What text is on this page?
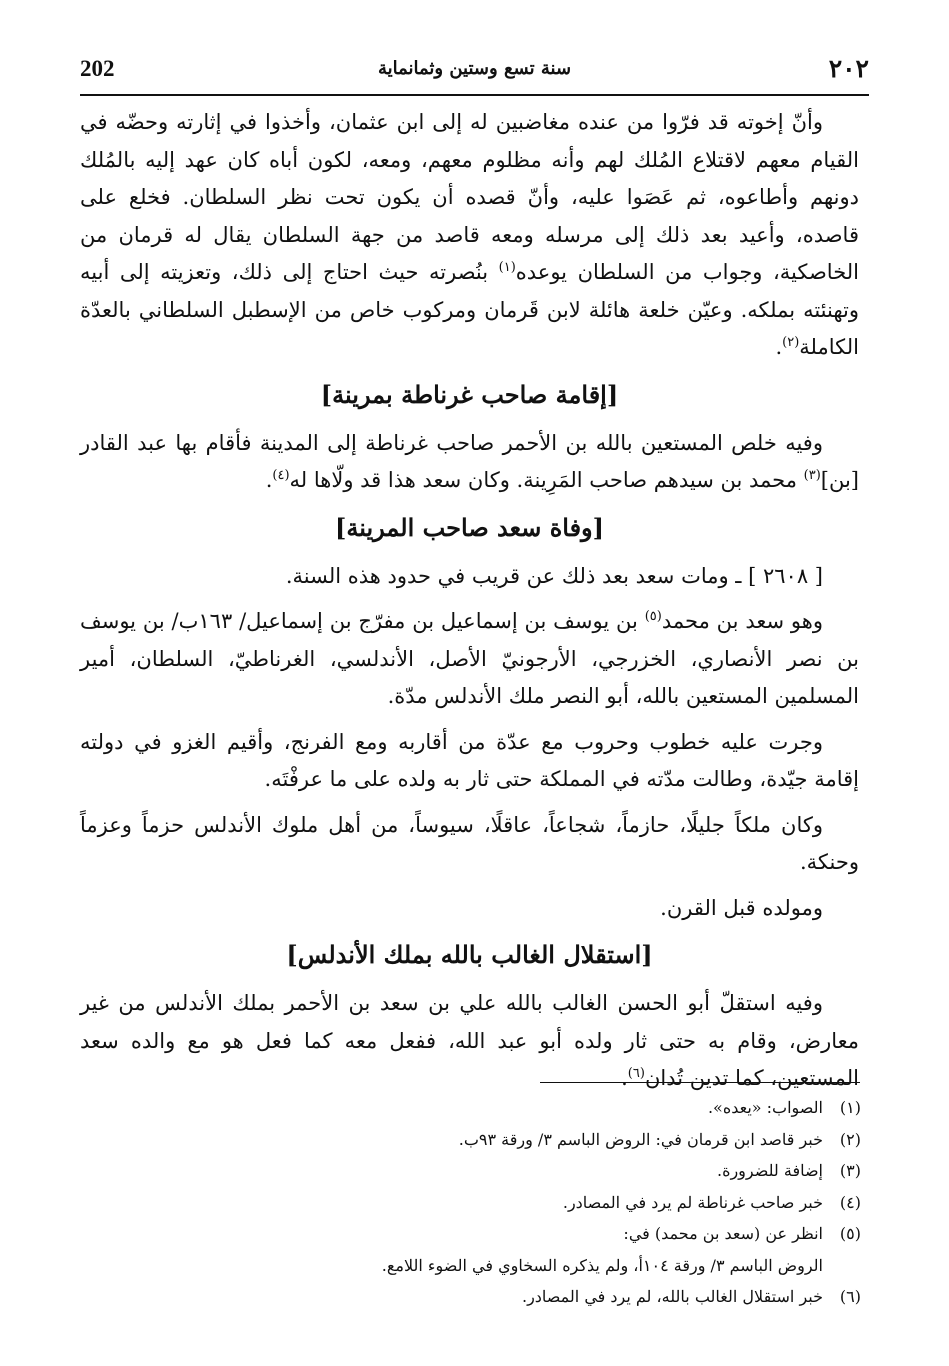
202	سنة تسع وستين وثمانماية	٢٠٢

وأنّ إخوته قد فرّوا من عنده مغاضبين له إلى ابن عثمان، وأخذوا في إثارته وحضّه في القيام معهم لاقتلاع المُلك لهم وأنه مظلوم معهم، ومعه، لكون أباه كان عهد إليه بالمُلك دونهم وأطاعوه، ثم عَصَوا عليه، وأنّ قصده أن يكون تحت نظر السلطان. فخلع على قاصده، وأعيد بعد ذلك إلى مرسله ومعه قاصد من جهة السلطان يقال له قرمان من الخاصكية، وجواب من السلطان يوعده$^{(١)}$ بنُصرته حيث احتاج إلى ذلك، وتعزيته إلى أبيه وتهنئته بملكه. وعيّن خلعة هائلة لابن قَرمان ومركوب خاص من الإسطبل السلطاني بالعدّة الكاملة$^{(٢)}$.

[إقامة صاحب غرناطة بمرينة]

وفيه خلص المستعين بالله بن الأحمر صاحب غرناطة إلى المدينة فأقام بها عبد القادر [بن]$^{(٣)}$ محمد بن سيدهم صاحب المَرِينة. وكان سعد هذا قد ولّاها له$^{(٤)}$.

[وفاة سعد صاحب المرينة]

[ ٢٦٠٨ ] ـ ومات سعد بعد ذلك عن قريب في حدود هذه السنة.

وهو سعد بن محمد$^{(٥)}$ بن يوسف بن إسماعيل بن مفرّج بن إسماعيل/ ١٦٣ب/ بن يوسف بن نصر الأنصاري، الخزرجي، الأرجونيّ الأصل، الأندلسي، الغرناطيّ، السلطان، أمير المسلمين المستعين بالله، أبو النصر ملك الأندلس مدّة.

وجرت عليه خطوب وحروب مع عدّة من أقاربه ومع الفرنج، وأقيم الغزو في دولته إقامة جيّدة، وطالت مدّته في المملكة حتى ثار به ولده على ما عرفْتَه.

وكان ملكاً جليلًا، حازماً، شجاعاً، عاقلًا، سيوساً، من أهل ملوك الأندلس حزماً وعزماً وحنكة.

ومولده قبل القرن.

[استقلال الغالب بالله بملك الأندلس]

وفيه استقلّ أبو الحسن الغالب بالله علي بن سعد بن الأحمر بملك الأندلس من غير معارض، وقام به حتى ثار ولده أبو عبد الله، ففعل معه كما فعل هو مع والده سعد المستعين، كما تدين تُدان$^{(٦)}$.

(١)
الصواب: «يعده».
(٢)
خبر قاصد ابن قرمان في: الروض الباسم ٣/ ورقة ٩٣ب.
(٣)
إضافة للضرورة.
(٤)
خبر صاحب غرناطة لم يرد في المصادر.
(٥)
انظر عن (سعد بن محمد) في:
الروض الباسم ٣/ ورقة ١٠٤أ، ولم يذكره السخاوي في الضوء اللامع.
(٦)
خبر استقلال الغالب بالله، لم يرد في المصادر.
